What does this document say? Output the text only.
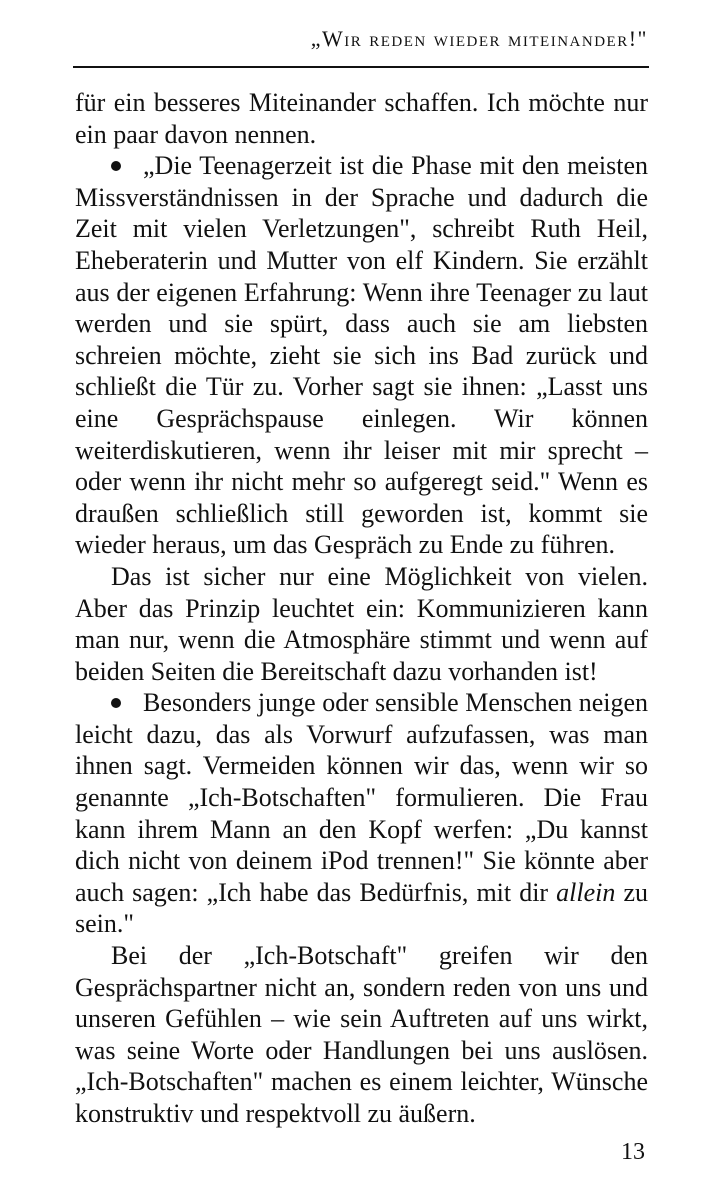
„Wir reden wieder miteinander!"

für ein besseres Miteinander schaffen. Ich möchte nur ein paar davon nennen.

„Die Teenagerzeit ist die Phase mit den meisten Missverständnissen in der Sprache und dadurch die Zeit mit vielen Verletzungen", schreibt Ruth Heil, Eheberaterin und Mutter von elf Kindern. Sie erzählt aus der eigenen Erfahrung: Wenn ihre Teenager zu laut werden und sie spürt, dass auch sie am liebsten schreien möchte, zieht sie sich ins Bad zurück und schließt die Tür zu. Vorher sagt sie ihnen: „Lasst uns eine Gesprächspause einlegen. Wir können weiterdiskutieren, wenn ihr leiser mit mir sprecht – oder wenn ihr nicht mehr so aufgeregt seid." Wenn es draußen schließlich still geworden ist, kommt sie wieder heraus, um das Gespräch zu Ende zu führen.

Das ist sicher nur eine Möglichkeit von vielen. Aber das Prinzip leuchtet ein: Kommunizieren kann man nur, wenn die Atmosphäre stimmt und wenn auf beiden Seiten die Bereitschaft dazu vorhanden ist!

Besonders junge oder sensible Menschen neigen leicht dazu, das als Vorwurf aufzufassen, was man ihnen sagt. Vermeiden können wir das, wenn wir so genannte „Ich-Botschaften" formulieren. Die Frau kann ihrem Mann an den Kopf werfen: „Du kannst dich nicht von deinem iPod trennen!" Sie könnte aber auch sagen: „Ich habe das Bedürfnis, mit dir allein zu sein."

Bei der „Ich-Botschaft" greifen wir den Gesprächspartner nicht an, sondern reden von uns und unseren Gefühlen – wie sein Auftreten auf uns wirkt, was seine Worte oder Handlungen bei uns auslösen. „Ich-Botschaften" machen es einem leichter, Wünsche konstruktiv und respektvoll zu äußern.

13
